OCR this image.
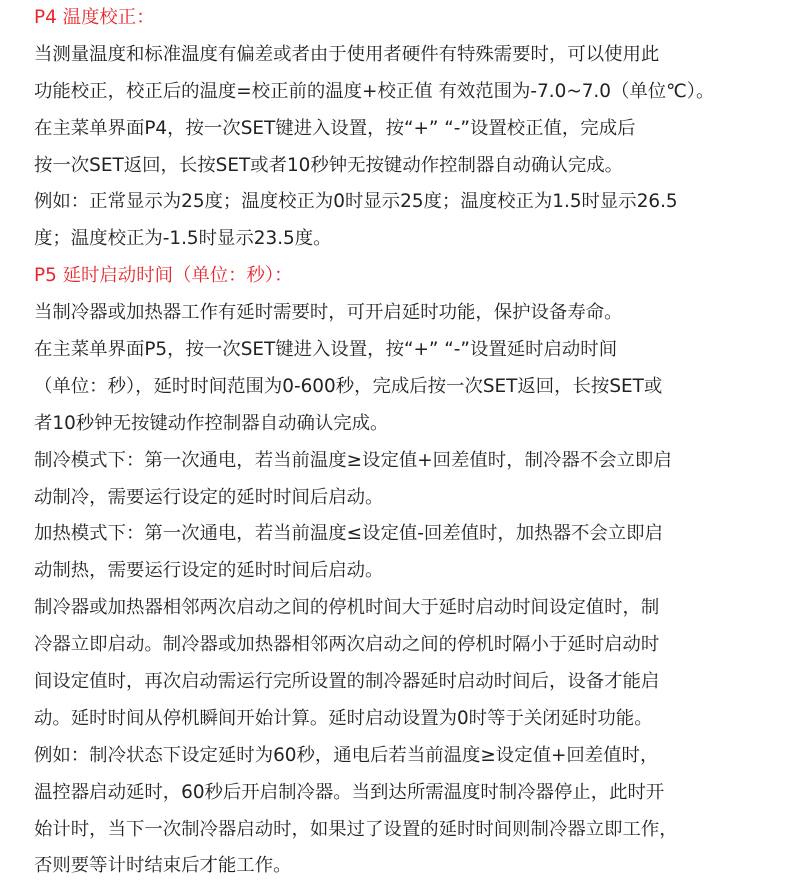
P4 温度校正：
当测量温度和标准温度有偏差或者由于使用者硬件有特殊需要时，可以使用此
功能校正，校正后的温度=校正前的温度+校正值 有效范围为-7.0~7.0（单位℃）。
在主菜单界面P4，按一次SET键进入设置，按“+” “-”设置校正值，完成后
按一次SET返回，长按SET或者10秒钟无按键动作控制器自动确认完成。
例如：正常显示为25度；温度校正为0时显示25度；温度校正为1.5时显示26.5
度；温度校正为-1.5时显示23.5度。
P5 延时启动时间（单位：秒）：
当制冷器或加热器工作有延时需要时，可开启延时功能，保护设备寿命。
在主菜单界面P5，按一次SET键进入设置，按“+” “-”设置延时启动时间
（单位：秒），延时时间范围为0-600秒，完成后按一次SET返回，长按SET或
者10秒钟无按键动作控制器自动确认完成。
制冷模式下：第一次通电，若当前温度≥设定值+回差值时，制冷器不会立即启
动制冷，需要运行设定的延时时间后启动。
加热模式下：第一次通电，若当前温度≤设定值-回差值时，加热器不会立即启
动制热，需要运行设定的延时时间后启动。
制冷器或加热器相邻两次启动之间的停机时间大于延时启动时间设定值时，制
冷器立即启动。制冷器或加热器相邻两次启动之间的停机时隔小于延时启动时
间设定值时，再次启动需运行完所设置的制冷器延时启动时间后，设备才能启
动。延时时间从停机瞬间开始计算。延时启动设置为0时等于关闭延时功能。
例如：制冷状态下设定延时为60秒，通电后若当前温度≥设定值+回差值时，
温控器启动延时，60秒后开启制冷器。当到达所需温度时制冷器停止，此时开
始计时，当下一次制冷器启动时，如果过了设置的延时时间则制冷器立即工作，
否则要等计时结束后才能工作。
